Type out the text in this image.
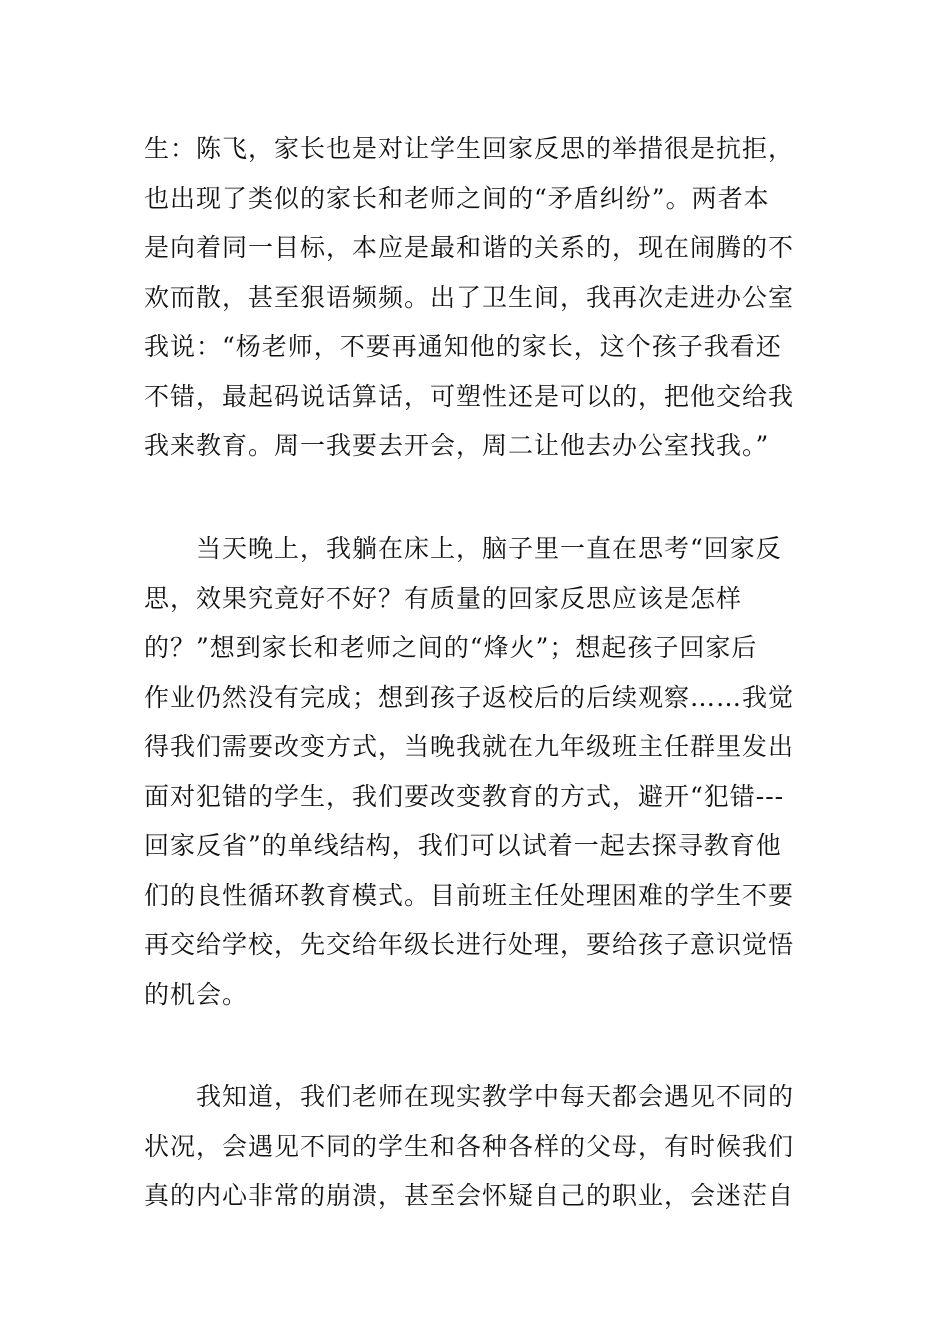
生：陈飞，家长也是对让学生回家反思的举措很是抗拒，
也出现了类似的家长和老师之间的“矛盾纠纷”。两者本
是向着同一目标，本应是最和谐的关系的，现在闹腾的不
欢而散，甚至狠语频频。出了卫生间，我再次走进办公室
我说：“杨老师，不要再通知他的家长，这个孩子我看还
不错，最起码说话算话，可塑性还是可以的，把他交给我
我来教育。周一我要去开会，周二让他去办公室找我。”
　　当天晚上，我躺在床上，脑子里一直在思考“回家反
思，效果究竟好不好？有质量的回家反思应该是怎样
的？”想到家长和老师之间的“烽火”；想起孩子回家后
作业仍然没有完成；想到孩子返校后的后续观察……我觉
得我们需要改变方式，当晚我就在九年级班主任群里发出
面对犯错的学生，我们要改变教育的方式，避开“犯错---
回家反省”的单线结构，我们可以试着一起去探寻教育他
们的良性循环教育模式。目前班主任处理困难的学生不要
再交给学校，先交给年级长进行处理，要给孩子意识觉悟
的机会。
　　我知道，我们老师在现实教学中每天都会遇见不同的
状况，会遇见不同的学生和各种各样的父母，有时候我们
真的内心非常的崩溃，甚至会怀疑自己的职业，会迷茫自
